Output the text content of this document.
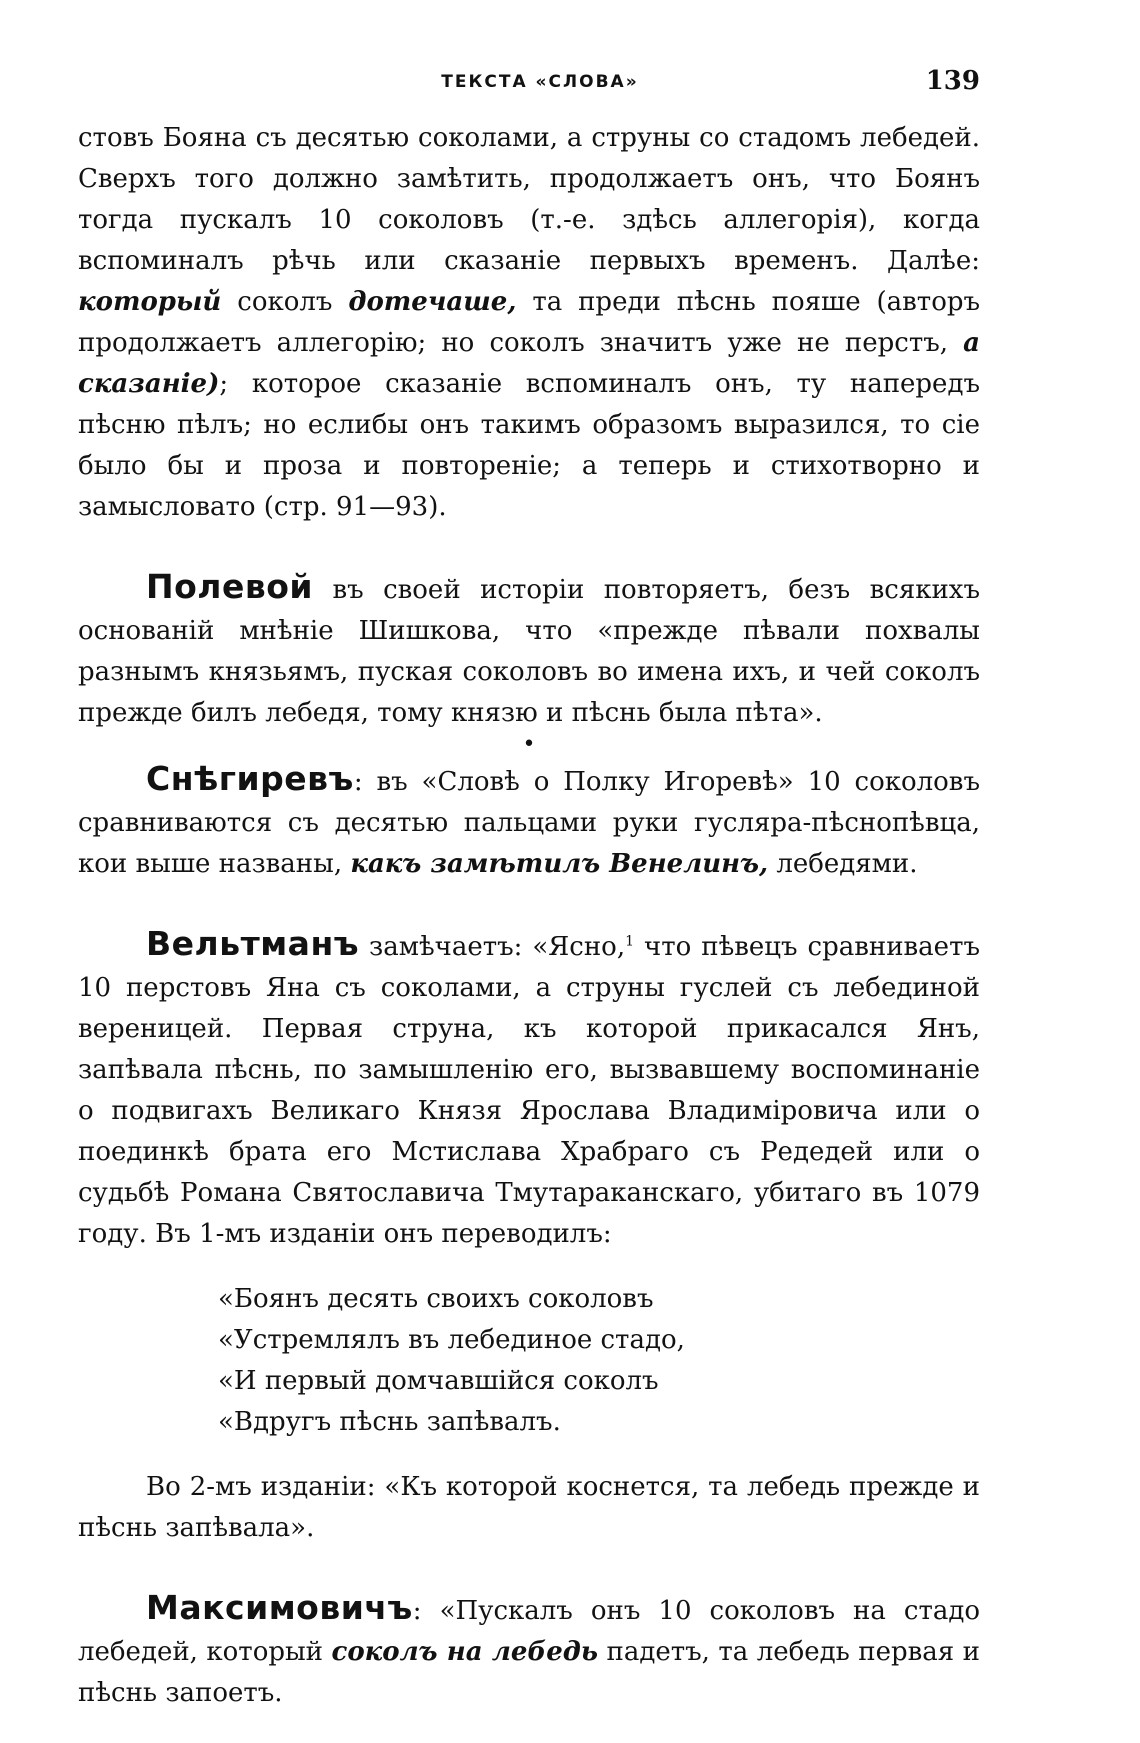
ТЕКСТА «СЛОВА»	139

стовъ Бояна съ десятью соколами, а струны со стадомъ лебедей. Сверхъ того должно замѣтить, продолжаетъ онъ, что Боянъ тогда пускалъ 10 соколовъ (т.-е. здѣсь аллегорія), когда вспоминалъ рѣчь или сказаніе первыхъ временъ. Далѣе: который соколъ дотечаше, та преди пѣснь пояше (авторъ продолжаетъ аллегорію; но соколъ значитъ уже не перстъ, а сказаніе); которое сказаніе вспоминалъ онъ, ту напередъ пѣсню пѣлъ; но еслибы онъ такимъ образомъ выразился, то сіе было бы и проза и повтореніе; а теперь и стихотворно и замысловато (стр. 91—93).

Полевой въ своей исторіи повторяетъ, безъ всякихъ основаній мнѣніе Шишкова, что «прежде пѣвали похвалы разнымъ князьямъ, пуская соколовъ во имена ихъ, и чей соколъ прежде билъ лебедя, тому князю и пѣснь была пѣта».

•

Снѣгиревъ: въ «Словѣ о Полку Игоревѣ» 10 соколовъ сравниваются съ десятью пальцами руки гусляра-пѣснопѣвца, кои выше названы, какъ замѣтилъ Венелинъ, лебедями.

Вельтманъ замѣчаетъ: «Ясно,$^1$ что пѣвецъ сравниваетъ 10 перстовъ Яна съ соколами, а струны гуслей съ лебединой вереницей. Первая струна, къ которой прикасался Янъ, запѣвала пѣснь, по замышленію его, вызвавшему воспоминаніе о подвигахъ Великаго Князя Ярослава Владиміровича или о поединкѣ брата его Мстислава Храбраго съ Редедей или о судьбѣ Романа Святославича Тмутараканскаго, убитаго въ 1079 году. Въ 1-мъ изданіи онъ переводилъ:

«Боянъ десять своихъ соколовъ
«Устремлялъ въ лебединое стадо,
«И первый домчавшійся соколъ
«Вдругъ пѣснь запѣвалъ.

Во 2-мъ изданіи: «Къ которой коснется, та лебедь прежде и пѣснь запѣвала».

Максимовичъ: «Пускалъ онъ 10 соколовъ на стадо лебедей, который соколъ на лебедь падетъ, та лебедь первая и пѣснь запоетъ.
